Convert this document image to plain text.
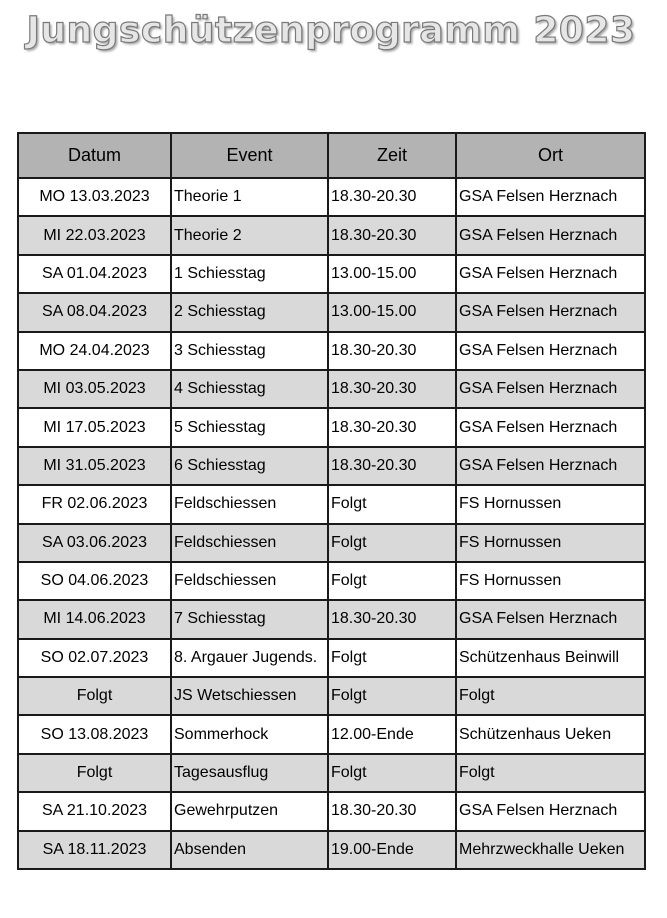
Jungschützenprogramm 2023
Datum	Event	Zeit	Ort
MO 13.03.2023	Theorie 1	18.30-20.30	GSA Felsen Herznach
MI 22.03.2023	Theorie 2	18.30-20.30	GSA Felsen Herznach
SA 01.04.2023	1 Schiesstag	13.00-15.00	GSA Felsen Herznach
SA 08.04.2023	2 Schiesstag	13.00-15.00	GSA Felsen Herznach
MO 24.04.2023	3 Schiesstag	18.30-20.30	GSA Felsen Herznach
MI 03.05.2023	4 Schiesstag	18.30-20.30	GSA Felsen Herznach
MI 17.05.2023	5 Schiesstag	18.30-20.30	GSA Felsen Herznach
MI 31.05.2023	6 Schiesstag	18.30-20.30	GSA Felsen Herznach
FR 02.06.2023	Feldschiessen	Folgt	FS Hornussen
SA 03.06.2023	Feldschiessen	Folgt	FS Hornussen
SO 04.06.2023	Feldschiessen	Folgt	FS Hornussen
MI 14.06.2023	7 Schiesstag	18.30-20.30	GSA Felsen Herznach
SO 02.07.2023	8. Argauer Jugends.	Folgt	Schützenhaus Beinwill
Folgt	JS Wetschiessen	Folgt	Folgt
SO 13.08.2023	Sommerhock	12.00-Ende	Schützenhaus Ueken
Folgt	Tagesausflug	Folgt	Folgt
SA 21.10.2023	Gewehrputzen	18.30-20.30	GSA Felsen Herznach
SA 18.11.2023	Absenden	19.00-Ende	Mehrzweckhalle Ueken
